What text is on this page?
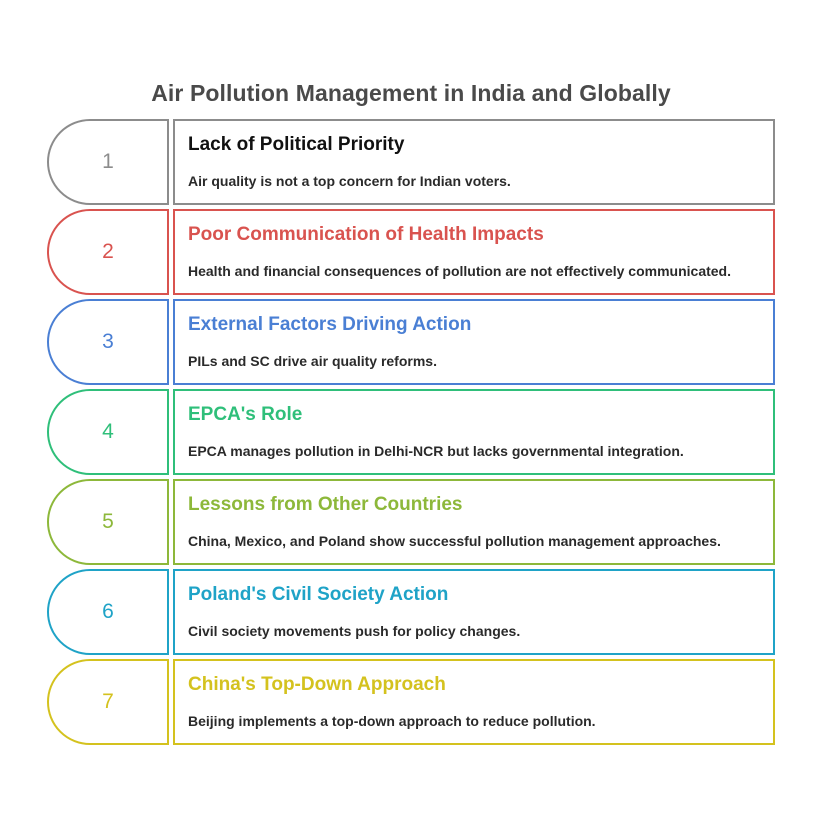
Air Pollution Management in India and Globally
1
Lack of Political Priority
Air quality is not a top concern for Indian voters.
2
Poor Communication of Health Impacts
Health and financial consequences of pollution are not effectively communicated.
3
External Factors Driving Action
PILs and SC drive air quality reforms.
4
EPCA's Role
EPCA manages pollution in Delhi-NCR but lacks governmental integration.
5
Lessons from Other Countries
China, Mexico, and Poland show successful pollution management approaches.
6
Poland's Civil Society Action
Civil society movements push for policy changes.
7
China's Top-Down Approach
Beijing implements a top-down approach to reduce pollution.
